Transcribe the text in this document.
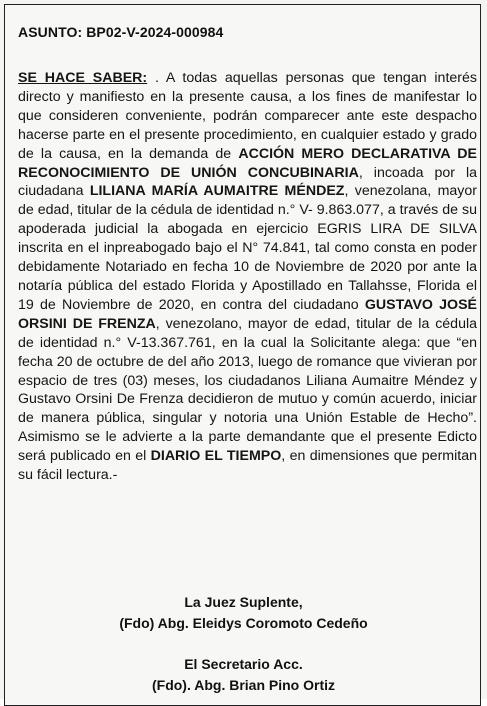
ASUNTO: BP02-V-2024-000984
SE HACE SABER: . A todas aquellas personas que tengan interés directo y manifiesto en la presente causa, a los fines de manifestar lo que consideren conveniente, podrán comparecer ante este despacho hacerse parte en el presente procedimiento, en cualquier estado y grado de la causa, en la demanda de ACCIÓN MERO DECLARATIVA DE RECONOCIMIENTO DE UNIÓN CONCUBINARIA, incoada por la ciudadana LILIANA MARÍA AUMAITRE MÉNDEZ, venezolana, mayor de edad, titular de la cédula de identidad n.° V- 9.863.077, a través de su apoderada judicial la abogada en ejercicio EGRIS LIRA DE SILVA inscrita en el inpreabogado bajo el N° 74.841, tal como consta en poder debidamente Notariado en fecha 10 de Noviembre de 2020 por ante la notaría pública del estado Florida y Apostillado en Tallahsse, Florida el 19 de Noviembre de 2020, en contra del ciudadano GUSTAVO JOSÉ ORSINI DE FRENZA, venezolano, mayor de edad, titular de la cédula de identidad n.° V-13.367.761, en la cual la Solicitante alega: que “en fecha 20 de octubre de del año 2013, luego de romance que vivieran por espacio de tres (03) meses, los ciudadanos Liliana Aumaitre Méndez y Gustavo Orsini De Frenza decidieron de mutuo y común acuerdo, iniciar de manera pública, singular y notoria una Unión Estable de Hecho”. Asimismo se le advierte a la parte demandante que el presente Edicto será publicado en el DIARIO EL TIEMPO, en dimensiones que permitan su fácil lectura.-
La Juez Suplente,
(Fdo) Abg. Eleidys Coromoto Cedeño
El Secretario Acc.
(Fdo). Abg. Brian Pino Ortiz
